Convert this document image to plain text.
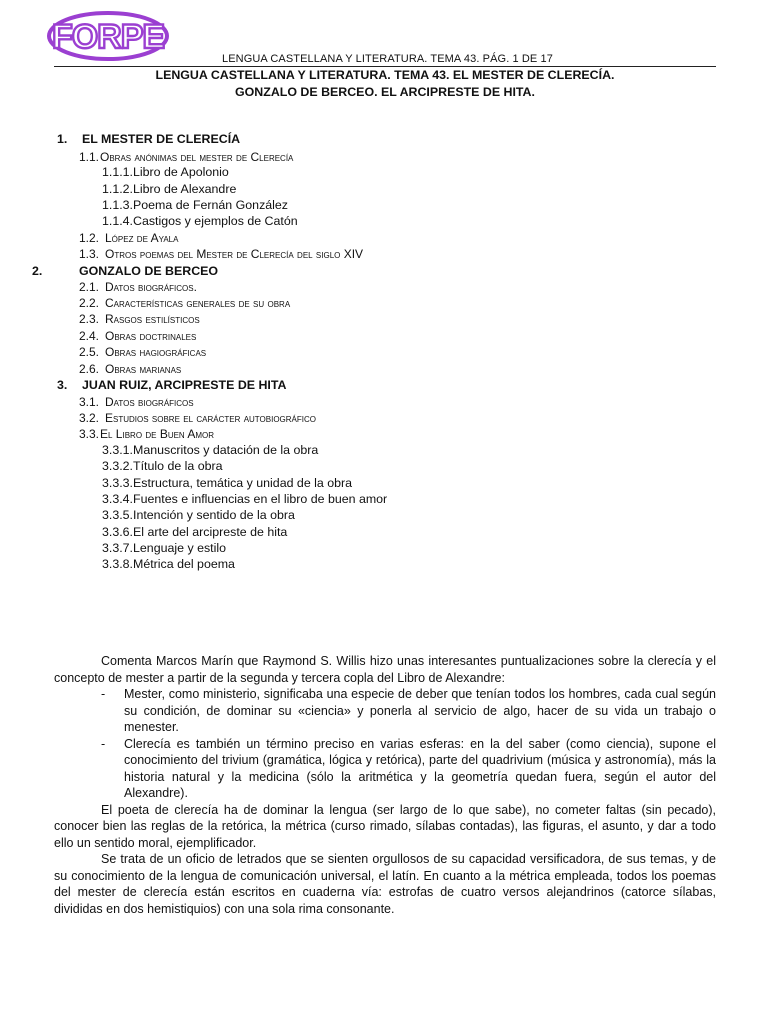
FORPE
LENGUA CASTELLANA Y LITERATURA. TEMA 43. PÁG. 1 DE 17
LENGUA CASTELLANA Y LITERATURA. TEMA 43. EL MESTER DE CLERECÍA.
GONZALO DE BERCEO. EL ARCIPRESTE DE HITA.
1. EL MESTER DE CLERECÍA
1.1.Obras anónimas del mester de Clerecía
1.1.1.Libro de Apolonio
1.1.2.Libro de Alexandre
1.1.3.Poema de Fernán González
1.1.4.Castigos y ejemplos de Catón
1.2. López de Ayala
1.3. Otros poemas del Mester de Clerecía del siglo XIV
2.	GONZALO DE BERCEO
2.1. Datos biográficos.
2.2. Características generales de su obra
2.3. Rasgos estilísticos
2.4. Obras doctrinales
2.5. Obras hagiográficas
2.6. Obras marianas
3. JUAN RUIZ, ARCIPRESTE DE HITA
3.1. Datos biográficos
3.2. Estudios sobre el carácter autobiográfico
3.3.El Libro de Buen Amor
3.3.1.Manuscritos y datación de la obra
3.3.2.Título de la obra
3.3.3.Estructura, temática y unidad de la obra
3.3.4.Fuentes e influencias en el libro de buen amor
3.3.5.Intención y sentido de la obra
3.3.6.El arte del arcipreste de hita
3.3.7.Lenguaje y estilo
3.3.8.Métrica del poema

Comenta Marcos Marín que Raymond S. Willis hizo unas interesantes puntualizaciones sobre la clerecía y el concepto de mester a partir de la segunda y tercera copla del Libro de Alexandre:

- Mester, como ministerio, significaba una especie de deber que tenían todos los hombres, cada cual según su condición, de dominar su «ciencia» y ponerla al servicio de algo, hacer de su vida un trabajo o menester.
- Clerecía es también un término preciso en varias esferas: en la del saber (como ciencia), supone el conocimiento del trivium (gramática, lógica y retórica), parte del quadrivium (música y astronomía), más la historia natural y la medicina (sólo la aritmética y la geometría quedan fuera, según el autor del Alexandre).

El poeta de clerecía ha de dominar la lengua (ser largo de lo que sabe), no cometer faltas (sin pecado), conocer bien las reglas de la retórica, la métrica (curso rimado, sílabas contadas), las figuras, el asunto, y dar a todo ello un sentido moral, ejemplificador.

Se trata de un oficio de letrados que se sienten orgullosos de su capacidad versificadora, de sus temas, y de su conocimiento de la lengua de comunicación universal, el latín. En cuanto a la métrica empleada, todos los poemas del mester de clerecía están escritos en cuaderna vía: estrofas de cuatro versos alejandrinos (catorce sílabas, divididas en dos hemistiquios) con una sola rima consonante.
